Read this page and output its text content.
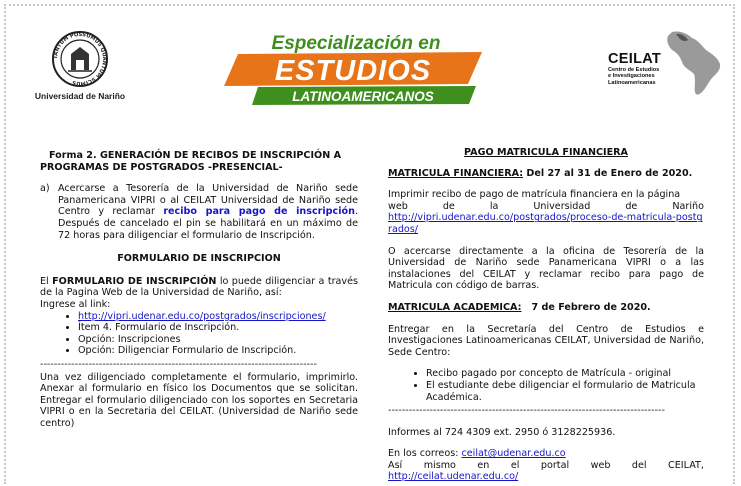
TANTUM POSSUMUS QUANTUM SCIMUS
Universidad de Nariño
Especialización en
ESTUDIOS
LATINOAMERICANOS
CEILAT
Centro de Estudios
e Investigaciones
Latinoamericanas

Forma 2. GENERACIÓN DE RECIBOS DE INSCRIPCIÓN A

PROGRAMAS DE POSTGRADOS -PRESENCIAL-

a) Acercarse a Tesorería de la Universidad de Nariño sede Panamericana VIPRI o al CEILAT Universidad de Nariño sede Centro y reclamar recibo para pago de inscripción. Después de cancelado el pin se habilitará en un máximo de 72 horas para diligenciar el formulario de Inscripción.

FORMULARIO DE INSCRIPCION

El FORMULARIO DE INSCRIPCIÓN lo puede diligenciar a través de la Pagina Web de la Universidad de Nariño, así:

Ingrese al link:

• http://vipri.udenar.edu.co/postgrados/inscripciones/
• Ítem 4. Formulario de Inscripción.
• Opción: Inscripciones
• Opción: Diligenciar Formulario de Inscripción.

--------------------------------------------------------------------------------

Una vez diligenciado completamente el formulario, imprimirlo. Anexar al formulario en físico los Documentos que se solicitan. Entregar el formulario diligenciado con los soportes en Secretaria VIPRI o en la Secretaria del CEILAT. (Universidad de Nariño sede centro)

PAGO MATRICULA FINANCIERA

MATRICULA FINANCIERA: Del 27 al 31 de Enero de 2020.

Imprimir recibo de pago de matrícula financiera en la página

web	de	la	Universidad	de	Nariño

http://vipri.udenar.edu.co/postgrados/proceso-de-matricula-postgrados/

O acercarse directamente a la oficina de Tesorería de la Universidad de Nariño sede Panamericana VIPRI o a las instalaciones del CEILAT y reclamar recibo para pago de Matricula con código de barras.

MATRICULA ACADEMICA:   7 de Febrero de 2020.

Entregar en la Secretaría del Centro de Estudios e Investigaciones Latinoamericanas CEILAT, Universidad de Nariño, Sede Centro:

• Recibo pagado por concepto de Matrícula - original
• El estudiante debe diligenciar el formulario de Matricula Académica.

--------------------------------------------------------------------------------

Informes al 724 4309 ext. 2950 ó 3128225936.

En los correos: ceilat@udenar.edu.co

Así mismo en el portal web del CEILAT,

http://ceilat.udenar.edu.co/
